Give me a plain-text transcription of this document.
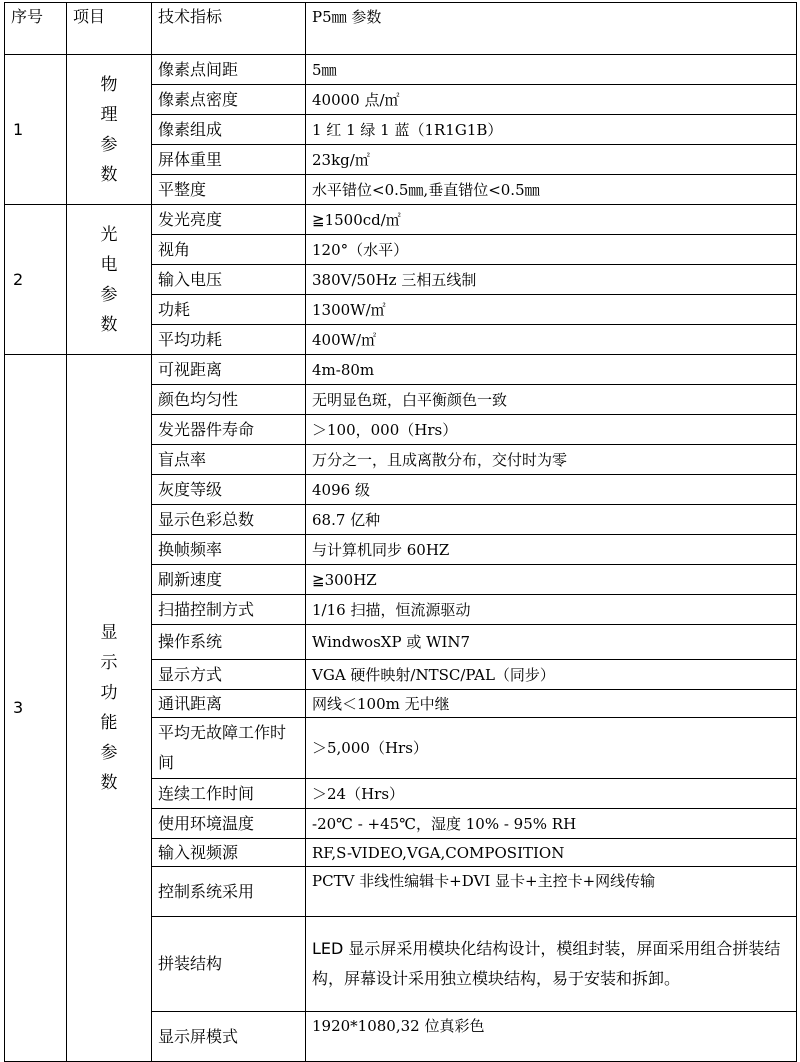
序号	项目	技术指标	P5㎜ 参数
1	物理参数	像素点间距	5㎜
		像素点密度	40000 点/㎡
		像素组成	1 红 1 绿 1 蓝（1R1G1B）
		屏体重里	23kg/㎡
		平整度	水平错位<0.5㎜,垂直错位<0.5㎜
2	光电参数	发光亮度	≧1500cd/㎡
		视角	120°（水平）
		输入电压	380V/50Hz 三相五线制
		功耗	1300W/㎡
		平均功耗	400W/㎡
3	显示功能参数	可视距离	4m-80m
		颜色均匀性	无明显色斑，白平衡颜色一致
		发光器件寿命	＞100，000（Hrs）
		盲点率	万分之一，且成离散分布，交付时为零
		灰度等级	4096 级
		显示色彩总数	68.7 亿种
		换帧频率	与计算机同步 60HZ
		刷新速度	≧300HZ
		扫描控制方式	1/16 扫描，恒流源驱动
		操作系统	WindwosXP 或 WIN7
		显示方式	VGA 硬件映射/NTSC/PAL（同步）
		通讯距离	网线＜100m 无中继
		平均无故障工作时间	＞5,000（Hrs）
		连续工作时间	＞24（Hrs）
		使用环境温度	-20℃ - +45℃，湿度 10% - 95% RH
		输入视频源	RF,S-VIDEO,VGA,COMPOSITION
		控制系统采用	PCTV 非线性编辑卡+DVI 显卡+主控卡+网线传输
		拼装结构	LED 显示屏采用模块化结构设计，模组封装，屏面采用组合拼装结构，屏幕设计采用独立模块结构，易于安装和拆卸。
		显示屏模式	1920*1080,32 位真彩色
